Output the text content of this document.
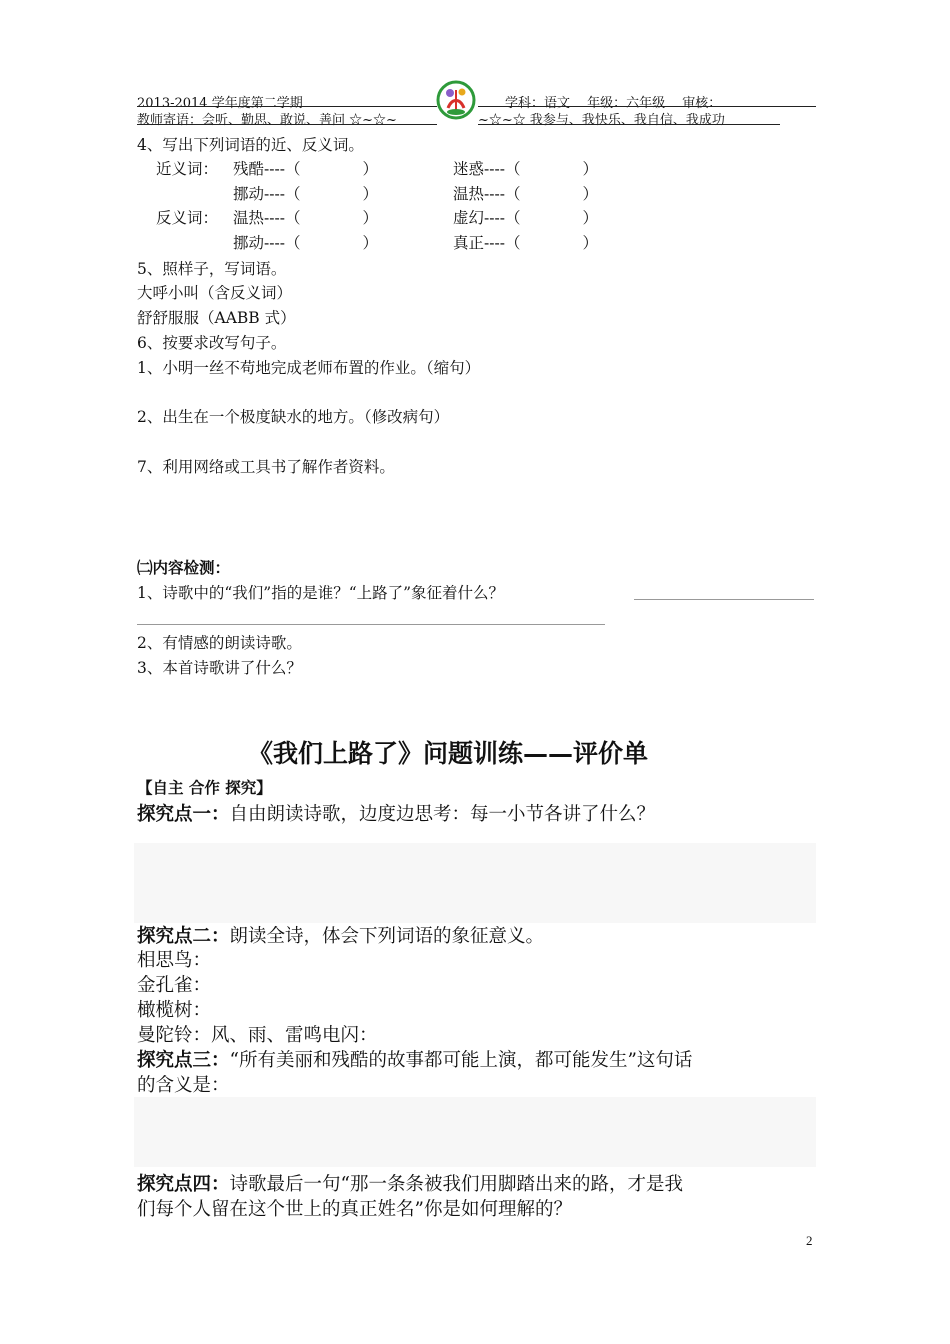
2013-2014 学年度第二学期	学科：语文　 年级：六年级　 审核：
教师寄语：会听、勤思、敢说、善问 ☆~☆~	~☆~☆ 我参与、我快乐、我自信、我成功
4、写出下列词语的近、反义词。
近义词： 残酷----（　　　　）	迷惑----（　　　　）
挪动----（　　　　）	温热----（　　　　）
反义词： 温热----（　　　　）	虚幻----（　　　　）
挪动----（　　　　）	真正----（　　　　）
5、照样子，写词语。
大呼小叫（含反义词）
舒舒服服（AABB 式）
6、按要求改写句子。
1、小明一丝不苟地完成老师布置的作业。（缩句）
2、出生在一个极度缺水的地方。（修改病句）
7、利用网络或工具书了解作者资料。
㈡内容检测：
1、诗歌中的“我们”指的是谁？“上路了”象征着什么？
2、有情感的朗读诗歌。
3、本首诗歌讲了什么？
《我们上路了》问题训练——评价单
【自主 合作 探究】
探究点一：自由朗读诗歌，边度边思考：每一小节各讲了什么？
探究点二：朗读全诗，体会下列词语的象征意义。
相思鸟：
金孔雀：
橄榄树：
曼陀铃：风、雨、雷鸣电闪：
探究点三：“所有美丽和残酷的故事都可能上演，都可能发生”这句话
的含义是：
探究点四：诗歌最后一句“那一条条被我们用脚踏出来的路，才是我
们每个人留在这个世上的真正姓名”你是如何理解的？
2
